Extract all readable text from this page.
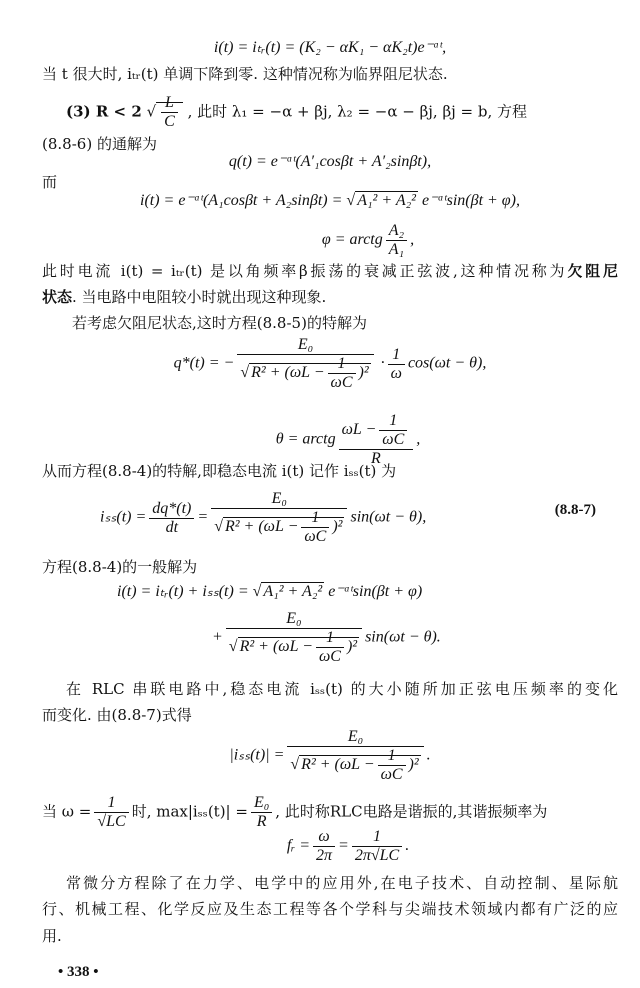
i(t) = iₜᵣ(t) = (K₂ − αK₁ − αK₂t)e⁻ᵅᵗ,
当 t 很大时, iₜᵣ(t) 单调下降到零. 这种情况称为临界阻尼状态.
(3) R < 2 √ $\frac{L}{C}$ , 此时 λ₁ = −α + βj, λ₂ = −α − βj, βj = b, 方程
(8.8-6) 的通解为
q(t) = e⁻ᵅᵗ(A′₁cosβt + A′₂sinβt),
而
i(t) = e⁻ᵅᵗ(A₁cosβt + A₂sinβt) = √ A₁² + A₂² e⁻ᵅᵗsin(βt + φ),
φ = arctg $\frac{\text{A₂}}{\text{A₁}}$ ,
此时电流 i(t) = iₜᵣ(t) 是以角频率β振荡的衰减正弦波,这种情况称为欠阻尼
状态. 当电路中电阻较小时就出现这种现象.
若考虑欠阻尼状态,这时方程(8.8-5)的特解为
q*(t) = − $\frac{\text{E₀}}{√ R^2 + (\omega L - \frac{1}{\omega C} )^2} \cdot \frac{1}{\omega} \cos(\omega t - \theta)$,
θ = arctg $\frac{\omega L - \frac{1}{\omega C}}{R}$ ,
从而方程(8.8-4)的特解,即稳态电流 i(t) 记作 iₛₛ(t) 为
$i_{ss}(t) = \frac{dq*(t)}{dt} = \frac{\text{E₀}}{√ R^2 + (\omega L - \frac{1}{\omega C} )^2} \sin(\omega t - \theta)$,	(8.8-7)
方程(8.8-4)的一般解为
i(t) = iₜᵣ(t) + iₛₛ(t) = √ A₁² + A₂² e⁻ᵅᵗsin(βt + φ)
+ $\frac{\text{E₀}}{√ R^2 + (\omega L - \frac{1}{\omega C} )^2} \sin(\omega t - \theta)$.
在 RLC 串联电路中,稳态电流 iₛₛ(t) 的大小随所加正弦电压频率的变化
而变化. 由(8.8-7)式得
$|i_{ss}(t)| = \frac{\text{E₀}}{√ R^2 + (\omega L - \frac{1}{\omega C} )^2}$ .
当 $\omega = \frac{1}{√LC}$ 时, $\max|i_{ss}(t)| = \frac{\text{E₀}}{R}$ , 此时称RLC电路是谐振的,其谐振频率为
fᵣ = $\frac{\omega}{2\pi} = \frac{1}{2\pi√LC}$ .
常微分方程除了在力学、电学中的应用外,在电子技术、自动控制、星际航
行、机械工程、化学反应及生态工程等各个学科与尖端技术领域内都有广泛的应
用.
• 338 •
